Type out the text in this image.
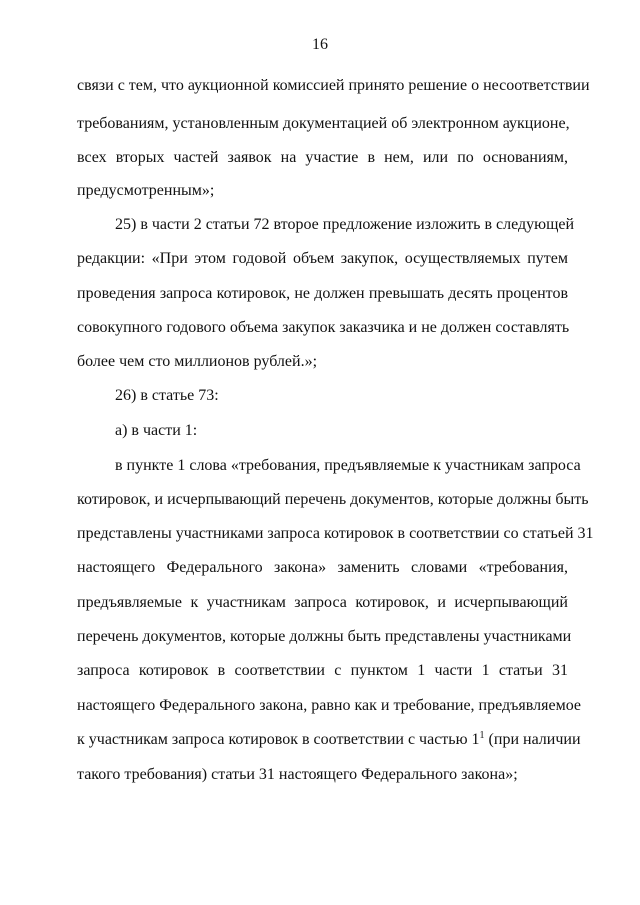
16
связи с тем, что аукционной комиссией принято решение о несоответствии
требованиям, установленным документацией об электронном аукционе,
всех вторых частей заявок на участие в нем, или по основаниям,
предусмотренным»;
25) в части 2 статьи 72 второе предложение изложить в следующей
редакции: «При этом годовой объем закупок, осуществляемых путем
проведения запроса котировок, не должен превышать десять процентов
совокупного годового объема закупок заказчика и не должен составлять
более чем сто миллионов рублей.»;
26) в статье 73:
а) в части 1:
в пункте 1 слова «требования, предъявляемые к участникам запроса
котировок, и исчерпывающий перечень документов, которые должны быть
представлены участниками запроса котировок в соответствии со статьей 31
настоящего Федерального закона» заменить словами «требования,
предъявляемые к участникам запроса котировок, и исчерпывающий
перечень документов, которые должны быть представлены участниками
запроса котировок в соответствии с пунктом 1 части 1 статьи 31
настоящего Федерального закона, равно как и требование, предъявляемое
к участникам запроса котировок в соответствии с частью $1^1$ (при наличии
такого требования) статьи 31 настоящего Федерального закона»;
